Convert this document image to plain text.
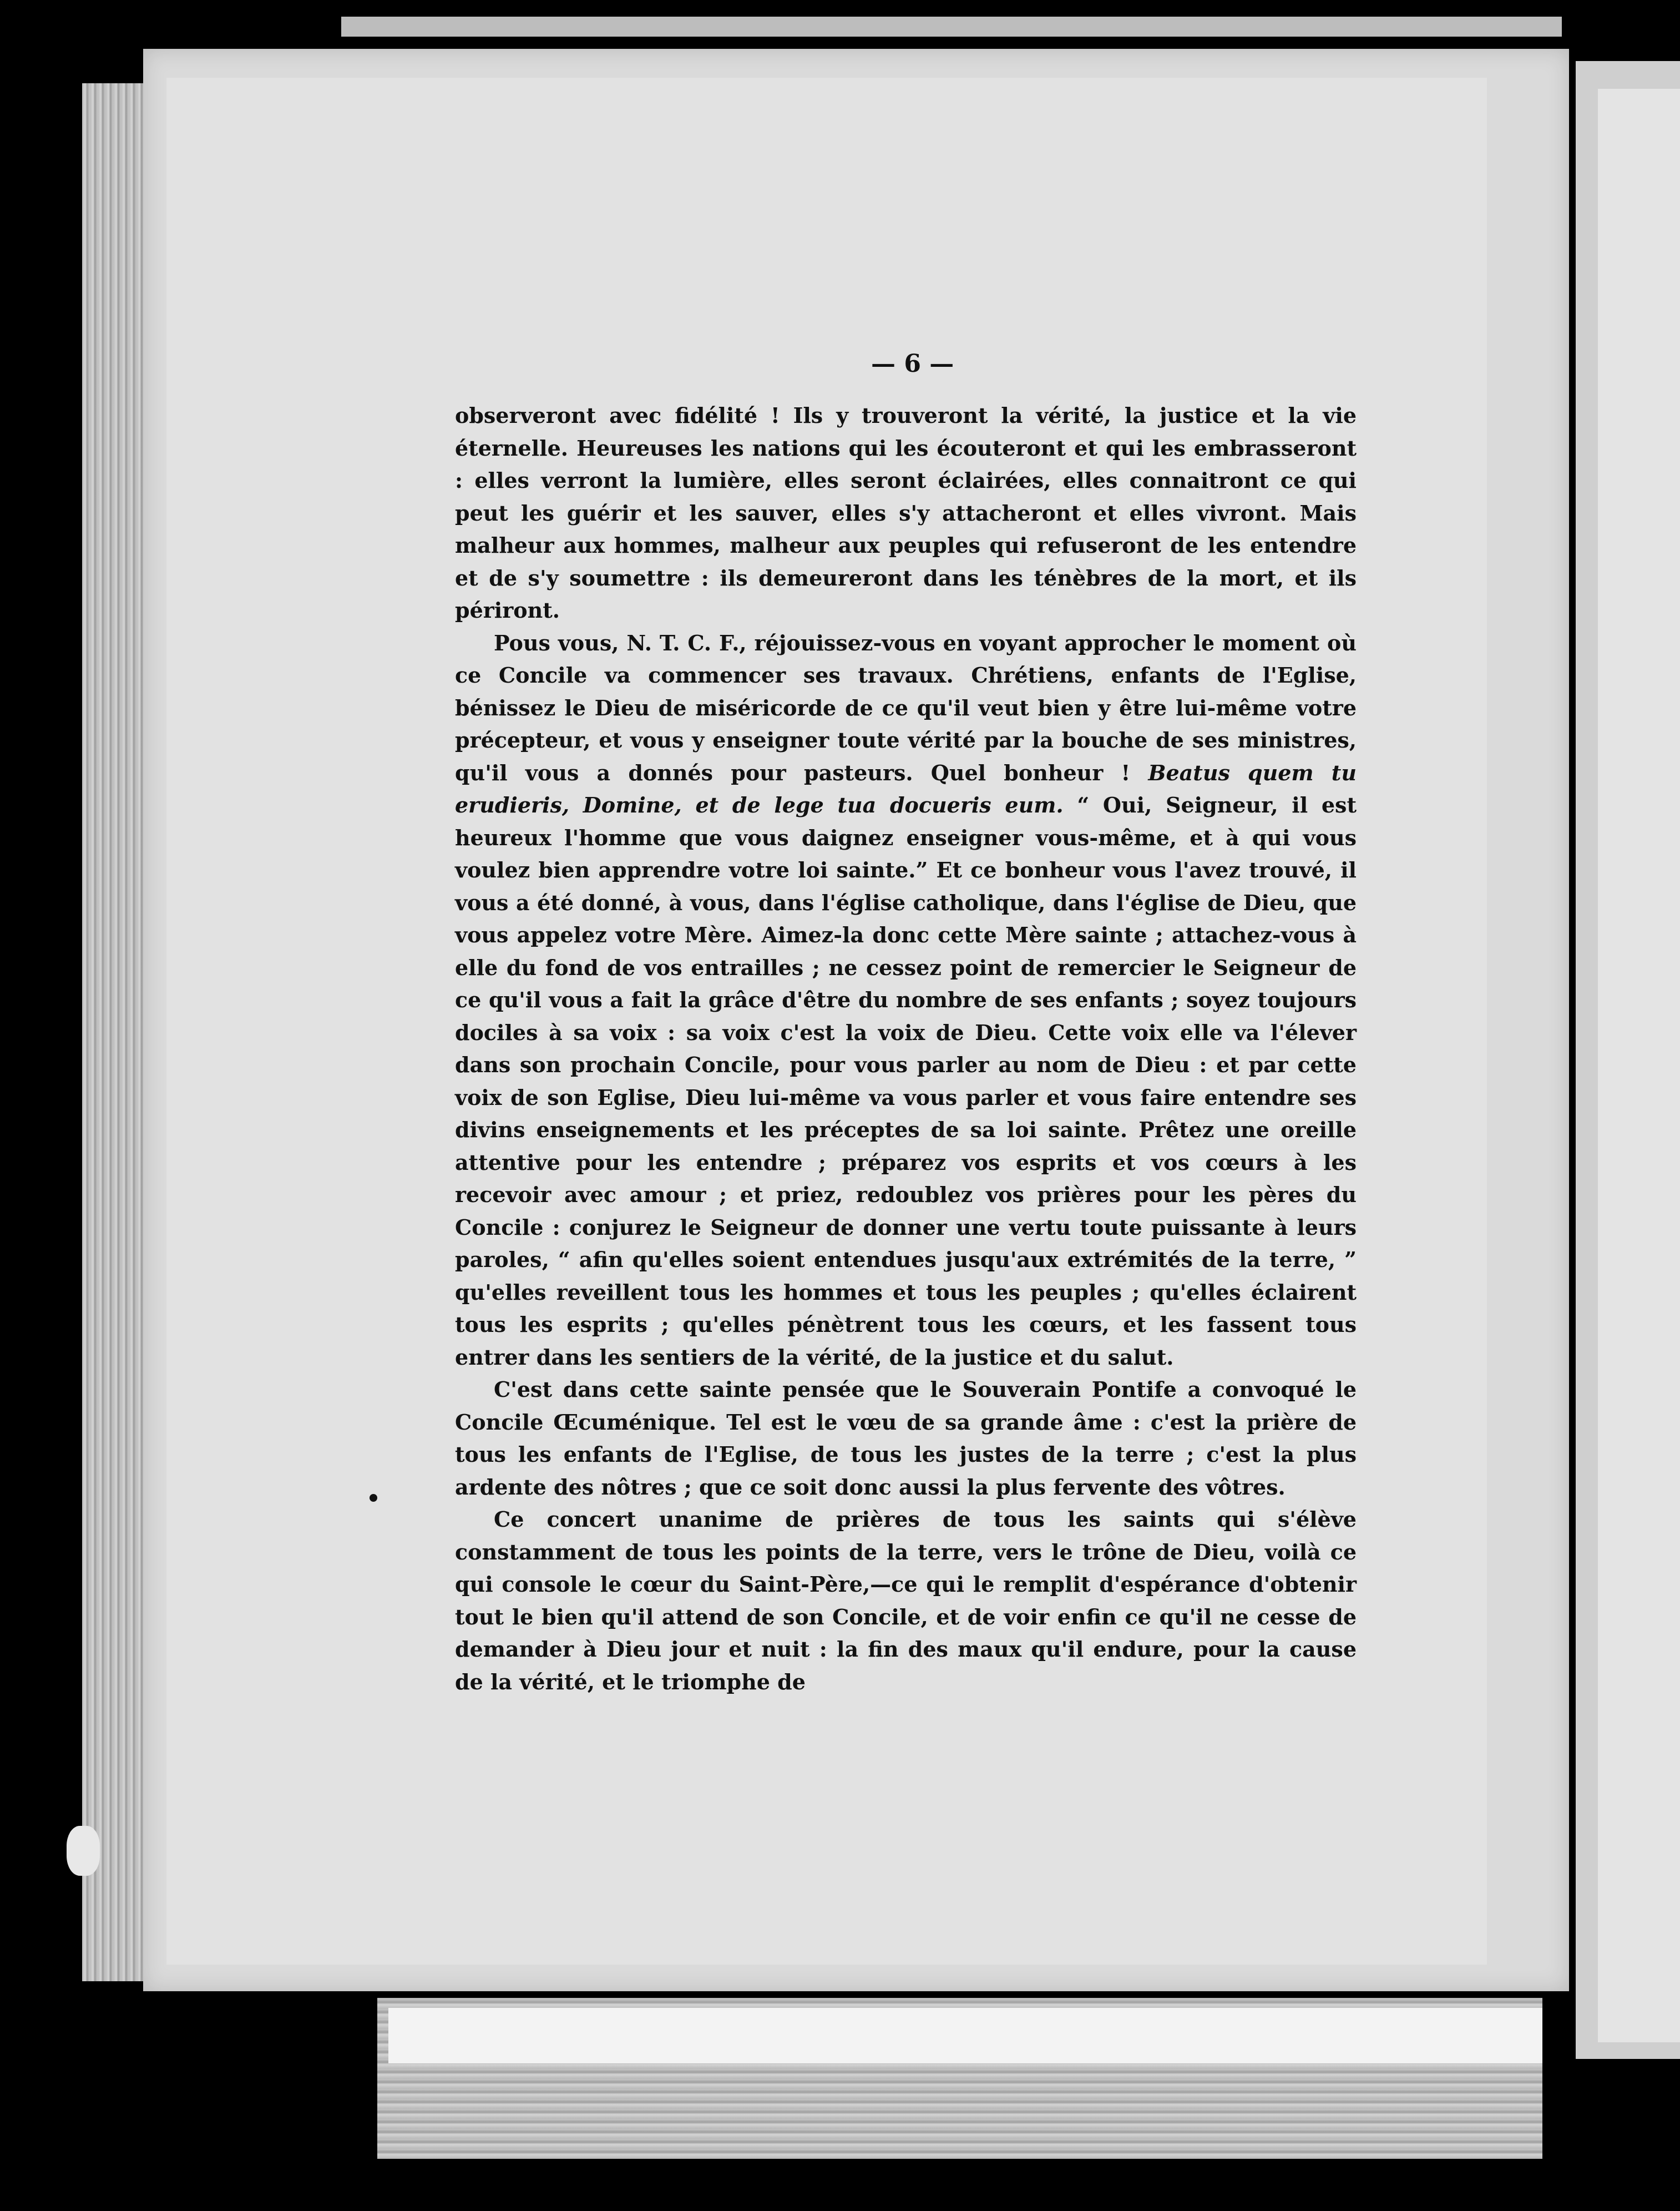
— 6 —

observeront avec fidélité ! Ils y trouveront la vérité, la justice et la vie éternelle. Heureuses les nations qui les écouteront et qui les embrasseront : elles verront la lumière, elles seront éclairées, elles connaitront ce qui peut les guérir et les sauver, elles s'y attacheront et elles vivront. Mais malheur aux hommes, malheur aux peuples qui refuseront de les entendre et de s'y soumettre : ils demeureront dans les ténèbres de la mort, et ils périront.

Pous vous, N. T. C. F., réjouissez-vous en voyant approcher le moment où ce Concile va commencer ses travaux. Chrétiens, enfants de l'Eglise, bénissez le Dieu de miséricorde de ce qu'il veut bien y être lui-même votre précepteur, et vous y enseigner toute vérité par la bouche de ses ministres, qu'il vous a donnés pour pasteurs. Quel bonheur ! Beatus quem tu erudieris, Domine, et de lege tua docueris eum. “ Oui, Seigneur, il est heureux l'homme que vous daignez enseigner vous-même, et à qui vous voulez bien apprendre votre loi sainte.” Et ce bonheur vous l'avez trouvé, il vous a été donné, à vous, dans l'église catholique, dans l'église de Dieu, que vous appelez votre Mère. Aimez-la donc cette Mère sainte ; attachez-vous à elle du fond de vos entrailles ; ne cessez point de remercier le Seigneur de ce qu'il vous a fait la grâce d'être du nombre de ses enfants ; soyez toujours dociles à sa voix : sa voix c'est la voix de Dieu. Cette voix elle va l'élever dans son prochain Concile, pour vous parler au nom de Dieu : et par cette voix de son Eglise, Dieu lui-même va vous parler et vous faire entendre ses divins enseignements et les préceptes de sa loi sainte. Prêtez une oreille attentive pour les entendre ; préparez vos esprits et vos cœurs à les recevoir avec amour ; et priez, redoublez vos prières pour les pères du Concile : conjurez le Seigneur de donner une vertu toute puissante à leurs paroles, “ afin qu'elles soient entendues jusqu'aux extrémités de la terre, ” qu'elles reveillent tous les hommes et tous les peuples ; qu'elles éclairent tous les esprits ; qu'elles pénètrent tous les cœurs, et les fassent tous entrer dans les sentiers de la vérité, de la justice et du salut.

C'est dans cette sainte pensée que le Souverain Pontife a convoqué le Concile Œcuménique. Tel est le vœu de sa grande âme : c'est la prière de tous les enfants de l'Eglise, de tous les justes de la terre ; c'est la plus ardente des nôtres ; que ce soit donc aussi la plus fervente des vôtres.

Ce concert unanime de prières de tous les saints qui s'élève constamment de tous les points de la terre, vers le trône de Dieu, voilà ce qui console le cœur du Saint-Père,—ce qui le remplit d'espérance d'obtenir tout le bien qu'il attend de son Concile, et de voir enfin ce qu'il ne cesse de demander à Dieu jour et nuit : la fin des maux qu'il endure, pour la cause de la vérité, et le triomphe de
